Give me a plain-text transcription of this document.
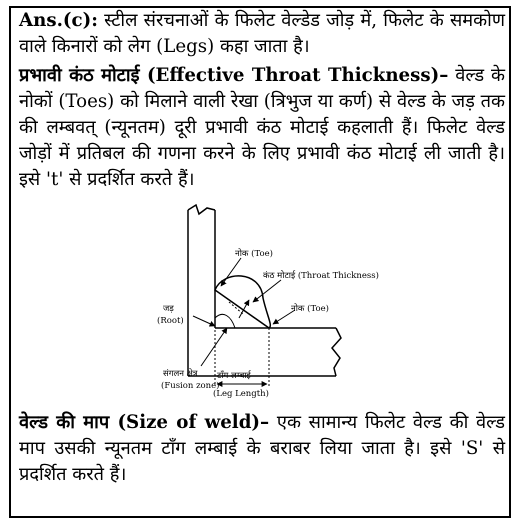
Ans.(c): स्टील संरचनाओं के फिलेट वेल्डेड जोड़ में, फिलेट के समकोण वाले किनारों को लेग (Legs) कहा जाता है।

प्रभावी कंठ मोटाई (Effective Throat Thickness)– वेल्ड के नोकों (Toes) को मिलाने वाली रेखा (त्रिभुज या कर्ण) से वेल्ड के जड़ तक की लम्बवत् (न्यूनतम) दूरी प्रभावी कंठ मोटाई कहलाती हैं। फिलेट वेल्ड जोड़ों में प्रतिबल की गणना करने के लिए प्रभावी कंठ मोटाई ली जाती है। इसे 't' से प्रदर्शित करते हैं।

नोक (Toe)
कंठ मोटाई (Throat Thickness)
नोक (Toe)
जड़
(Root)
संगलन क्षेत्र
(Fusion zone)
टाँग लम्बाई
(Leg Length)

वेल्ड की माप (Size of weld)– एक सामान्य फिलेट वेल्ड की वेल्ड माप उसकी न्यूनतम टाँग लम्बाई के बराबर लिया जाता है। इसे 'S' से प्रदर्शित करते हैं।
